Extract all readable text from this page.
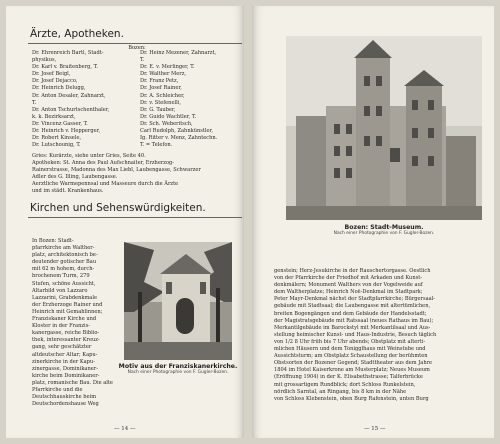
Ärzte, Apotheken.
Bozen:
Dr. Ehrenreich Bartl, Stadt-	Dr. Heinz Mezener, Zahnarzt,
physikus,	T.
Dr. Karl v. Braitenberg, T.	Dr. E. v. Merlinger, T.
Dr. Josef Beigl,	Dr. Walther Merz,
Dr. Josef Dejacco,	Dr. Franz Petz,
Dr. Heinrich Delugg,	Dr. Josef Rainer,
Dr. Anton Desaler, Zahnarzt,	Dr. A. Schleicher,
T.	Dr. v. Stefenelli,
Dr. Anton Tschurtschenthaler,	Dr. G. Tauber,
k. k. Bezirksarzt,	Dr. Guido Wachtler, T.
Dr. Vincenz Gasser, T.	Dr. Sch. Weberitsch,
Dr. Heinrich v. Hepperger,	Carl Rudolph, Zahnkünstler,
Dr. Robert Kinsele,	Ig. Ritter v. Menz, Zahntechn.
Dr. Lutschounig, T.	T. = Telefon.
Gries: Kurärzte, siehe unter Gries, Seite 40.
Apotheken: St. Anna des Paul Aufschnaiter, Erzherzog-
Rainerstrasse, Madonna des Max Liebl, Laubengasse, Schwarzer
Adler des G. Illing, Laubengasse.
Aerztliche Warmepennsal und Masseure durch die Ärzte
und im städt. Krankenhaus.
Kirchen und Sehenswürdigkeiten.
In Bozen: Stadt-
pfarrkirche am Walther-
platz, architektonisch be-
deutender gotischer Bau
mit 62 m hohem, durch-
brochenem Turm, 279
Stufen, schöne Aussicht,
Altarbild von Lazzaro
Lazzarini, Grabdenkmale
der Erzherzoge Rainer und
Heinrich mit Gemahlinnen;
Franziskaner Kirche und
Kloster in der Franzis-
kanergasse, reiche Biblio-
thek, interessanter Kreuz-
gang, sehr geschätzter
altdeutscher Altar; Kapu-
zinerkirche in der Kapu-
zinergasse, Dominikaner-
kirche beim Dominikaner-
platz, romanische Bau. Die alte
Pfarrkirche und die
Deutschhauskirche beim
Deutschordenshause Weg
Motiv aus der Franziskanerkirche.
Nach einer Photographie von F. Gugler-Bozen.
— 14 —
Bozen: Stadt-Museum.
Nach einer Photographie von F. Gugler-Bozen.
genstein; Herz-Jesukirche in der Rauschertorgasse. Oestlich
von der Pfarrkirche der Friedhof mit Arkaden und Kunst-
denkmälern; Monument Walthers von der Vogelweide auf
dem Waltherplatze; Heinrich Noë-Denkmal im Stadtpark;
Peter Mayr-Denkmal nächst der Stadtpfarrkirche; Bürgersaal-
gebäude mit Stadtsaal; die Laubengasse mit altertümlichen,
breiten Bogengängen und dem Gebäude der Handelsstadt;
der Magistratsgebäude mit Ratssaal (neues Rathaus im Bau);
Merkantilgebäude im Barockstyl mit Merkantilsaal und Aus-
stellung heimischer Kunst- und Haus-Industrie, Besuch täglich
von 1/2 8 Uhr früh bis 7 Uhr abends; Obstplatz mit alterti-
mlichen Häusern und dem Tonigglhaus mit Weinstube und
Aussichtsturm; am Obstplatz Schaustellung der berühmten
Obstsorten der Bozener Gegend; Stadttheater aus dem Jahre
1804 im Hotel Kaiserkrone am Musterplatz; Neues Museum
(Eröffnung 1904) in der K. Elisabethstrasse; Talferbrücke
mit grossartigem Rundblick; dort Schloss Runkelstein,
nördlich Sarntal, an Ringang, bis 8 km in der Nähe
von Schloss Klebenstein, oben Burg Rafenstein, unten Burg
— 15 —
